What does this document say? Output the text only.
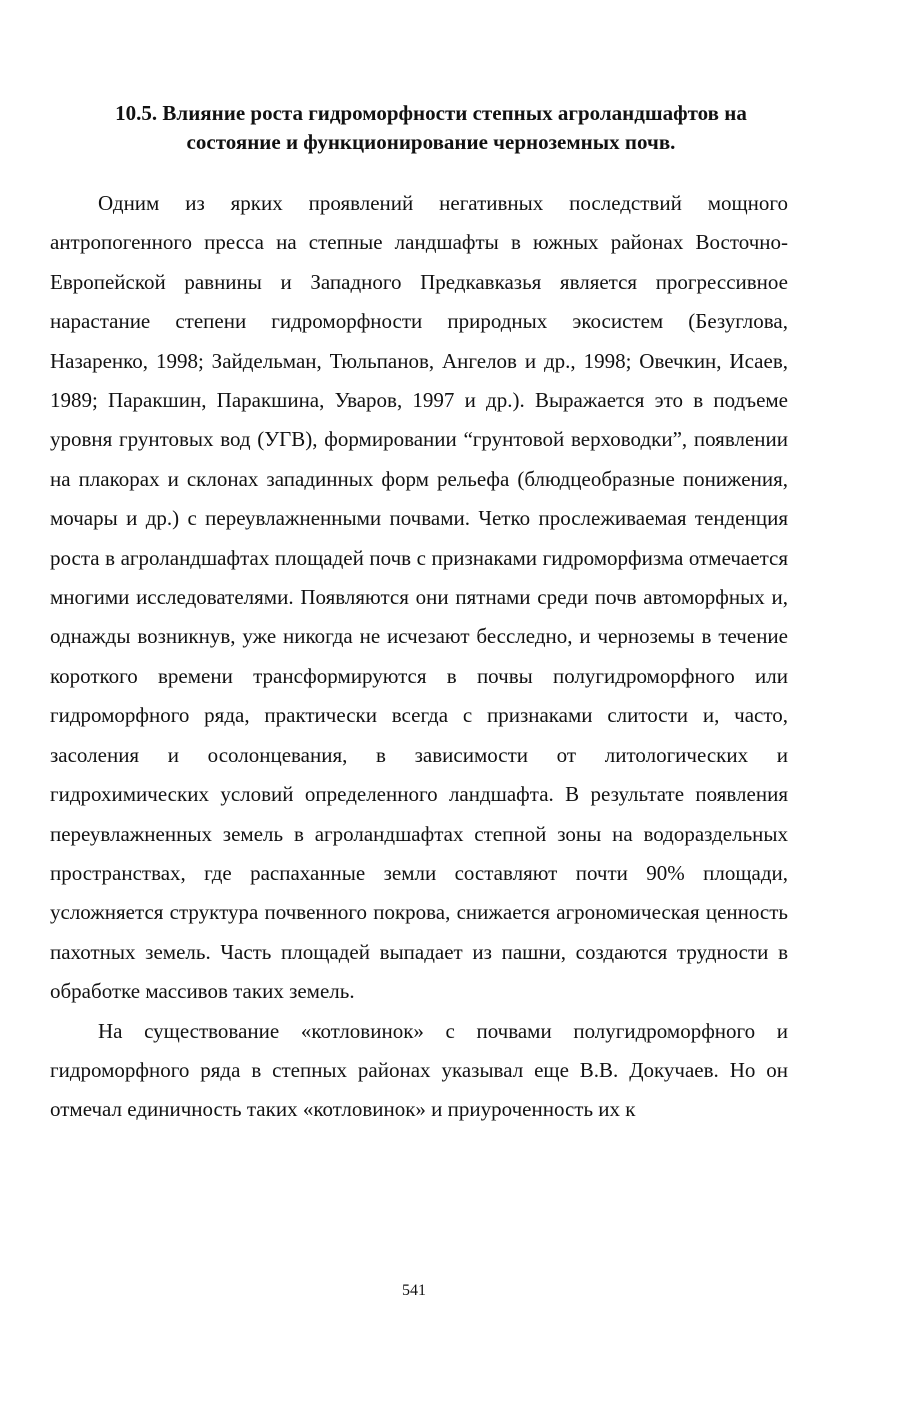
10.5. Влияние роста гидроморфности степных агроландшафтов на
состояние и функционирование черноземных почв.

Одним из ярких проявлений негативных последствий мощного антропогенного пресса на степные ландшафты в южных районах Восточно-Европейской равнины и Западного Предкавказья является прогрессивное нарастание степени гидроморфности природных экосистем (Безуглова, Назаренко, 1998; Зайдельман, Тюльпанов, Ангелов и др., 1998; Овечкин, Исаев, 1989; Паракшин, Паракшина, Уваров, 1997 и др.). Выражается это в подъеме уровня грунтовых вод (УГВ), формировании “грунтовой верховодки”, появлении на плакорах и склонах западинных форм рельефа (блюдцеобразные понижения, мочары и др.) с переувлажненными почвами. Четко прослеживаемая тенденция роста в агроландшафтах площадей почв с признаками гидроморфизма отмечается многими исследователями. Появляются они пятнами среди почв автоморфных и, однажды возникнув, уже никогда не исчезают бесследно, и черноземы в течение короткого времени трансформируются в почвы полугидроморфного или гидроморфного ряда, практически всегда с признаками слитости и, часто, засоления и осолонцевания, в зависимости от литологических и гидрохимических условий определенного ландшафта. В результате появления переувлажненных земель в агроландшафтах степной зоны на водораздельных пространствах, где распаханные земли составляют почти 90% площади, усложняется структура почвенного покрова, снижается агрономическая ценность пахотных земель. Часть площадей выпадает из пашни, создаются трудности в обработке массивов таких земель.

На существование «котловинок» с почвами полугидроморфного и гидроморфного ряда в степных районах указывал еще В.В. Докучаев. Но он отмечал единичность таких «котловинок» и приуроченность их к

541
